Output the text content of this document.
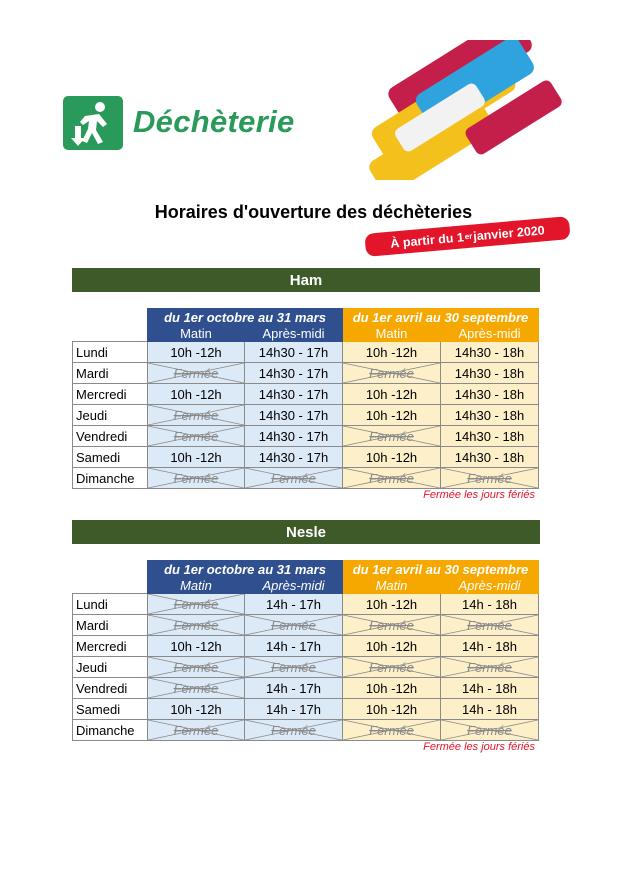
Déchèterie
Horaires d'ouverture des déchèteries
À partir du 1er janvier 2020
Ham
	du 1er octobre au 31 mars		du 1er avril au 30 septembre	
	Matin	Après-midi	Matin	Après-midi
Lundi	10h -12h	14h30 - 17h	10h -12h	14h30 - 18h
Mardi	Fermée	14h30 - 17h	Fermée	14h30 - 18h
Mercredi	10h -12h	14h30 - 17h	10h -12h	14h30 - 18h
Jeudi	Fermée	14h30 - 17h	10h -12h	14h30 - 18h
Vendredi	Fermée	14h30 - 17h	Fermée	14h30 - 18h
Samedi	10h -12h	14h30 - 17h	10h -12h	14h30 - 18h
Dimanche	Fermée	Fermée	Fermée	Fermée
Fermée les jours fériés
Nesle
	du 1er octobre au 31 mars		du 1er avril au 30 septembre	
	Matin	Après-midi	Matin	Après-midi
Lundi	Fermée	14h - 17h	10h -12h	14h - 18h
Mardi	Fermée	Fermée	Fermée	Fermée
Mercredi	10h -12h	14h - 17h	10h -12h	14h - 18h
Jeudi	Fermée	Fermée	Fermée	Fermée
Vendredi	Fermée	14h - 17h	10h -12h	14h - 18h
Samedi	10h -12h	14h - 17h	10h -12h	14h - 18h
Dimanche	Fermée	Fermée	Fermée	Fermée
Fermée les jours fériés
